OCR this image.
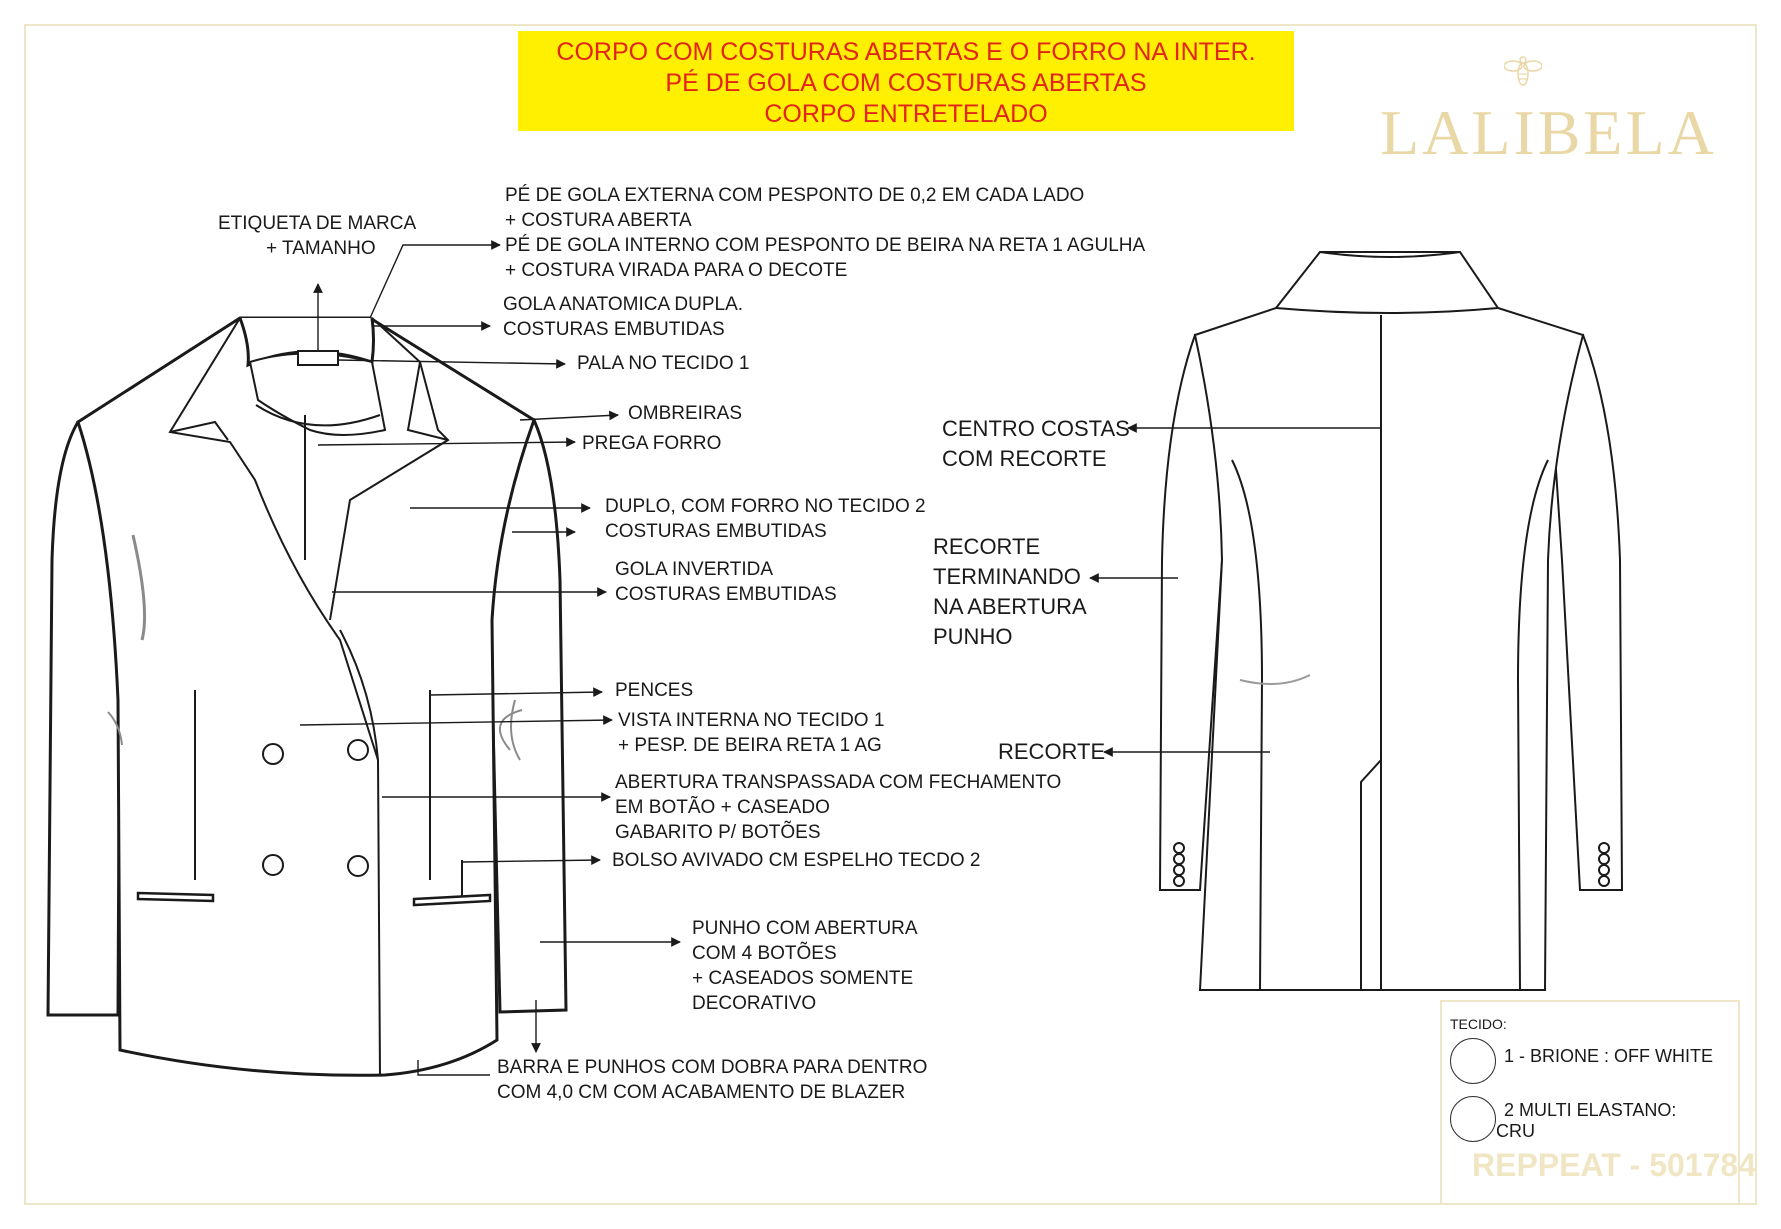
CORPO COM COSTURAS ABERTAS E O FORRO NA INTER.
PÉ DE GOLA COM COSTURAS ABERTAS
CORPO ENTRETELADO	LALIBELA
ETIQUETA DE MARCA
+ TAMANHO
PÉ DE GOLA EXTERNA COM PESPONTO DE 0,2 EM CADA LADO
+ COSTURA ABERTA
PÉ DE GOLA INTERNO COM PESPONTO DE BEIRA NA RETA 1 AGULHA
+ COSTURA VIRADA PARA O DECOTE
GOLA ANATOMICA DUPLA.
COSTURAS EMBUTIDAS
PALA NO TECIDO 1
OMBREIRAS
PREGA FORRO
DUPLO, COM FORRO NO TECIDO 2
COSTURAS EMBUTIDAS
GOLA INVERTIDA
COSTURAS EMBUTIDAS
PENCES
VISTA INTERNA NO TECIDO 1
+ PESP. DE BEIRA RETA 1 AG
ABERTURA TRANSPASSADA COM FECHAMENTO
EM BOTÃO + CASEADO
GABARITO P/ BOTÕES
BOLSO AVIVADO CM ESPELHO TECDO 2
PUNHO COM ABERTURA
COM 4 BOTÕES
+ CASEADOS SOMENTE
DECORATIVO
BARRA E PUNHOS COM DOBRA PARA DENTRO
COM 4,0 CM COM ACABAMENTO DE BLAZER
CENTRO COSTAS
COM RECORTE
RECORTE
TERMINANDO
NA ABERTURA
PUNHO
RECORTE
TECIDO:
1 - BRIONE : OFF WHITE
2 MULTI ELASTANO:
CRU
REPPEAT - 501784
